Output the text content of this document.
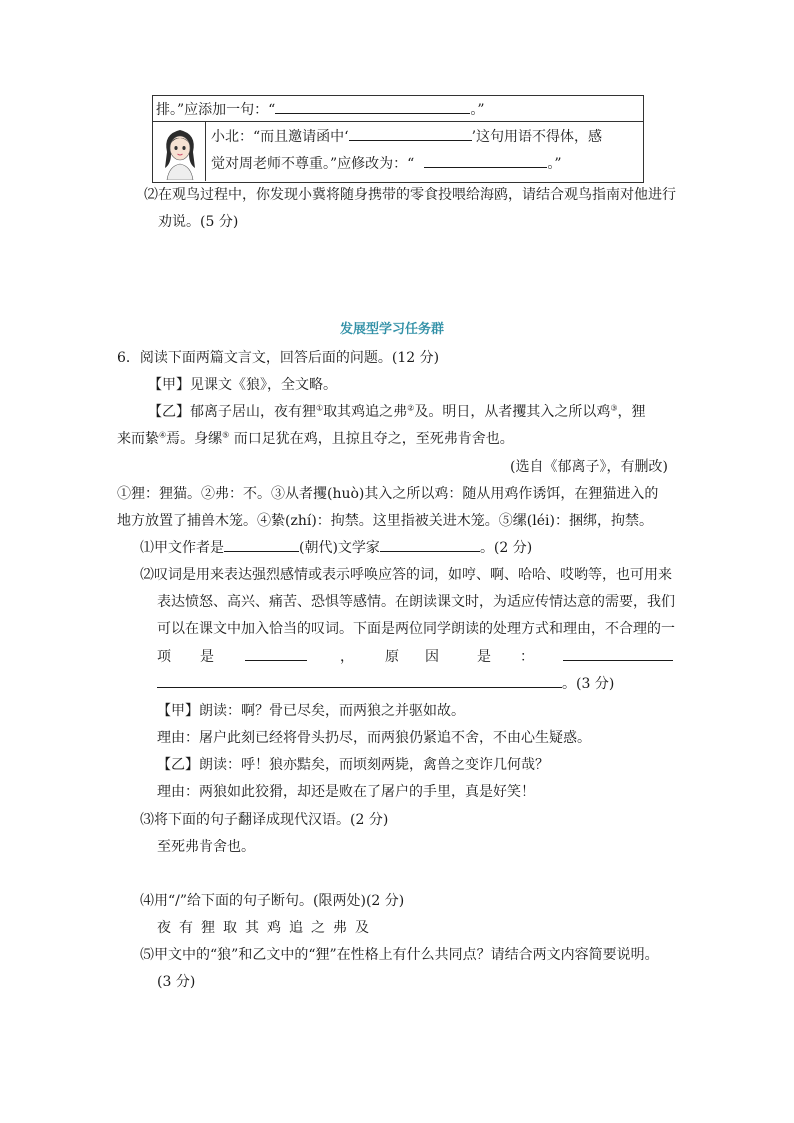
排。”应添加一句：“	。”
小北：“而且邀请函中‘	’这句用语不得体，感
觉对周老师不尊重。”应修改为：“	。”
⑵在观鸟过程中，你发现小冀将随身携带的零食投喂给海鸥，请结合观鸟指南对他进行
劝说。(5 分)
发展型学习任务群
6．阅读下面两篇文言文，回答后面的问题。(12 分)
【甲】见课文《狼》，全文略。
【乙】郁离子居山，夜有狸①取其鸡追之弗②及。明日，从者攫其入之所以鸡③，狸
来而絷④焉。身缧⑤ 而口足犹在鸡，且掠且夺之，至死弗肯舍也。
(选自《郁离子》，有删改)
①狸：狸猫。②弗：不。③从者攫(huò)其入之所以鸡：随从用鸡作诱饵，在狸猫进入的
地方放置了捕兽木笼。④絷(zhí)：拘禁。这里指被关进木笼。⑤缧(léi)：捆绑，拘禁。
⑴甲文作者是	(朝代)文学家	。(2 分)
⑵叹词是用来表达强烈感情或表示呼唤应答的词，如哼、啊、哈哈、哎哟等，也可用来
表达愤怒、高兴、痛苦、恐惧等感情。在朗读课文时，为适应传情达意的需要，我们
可以在课文中加入恰当的叹词。下面是两位同学朗读的处理方式和理由，不合理的一
项 是	， 原 因	是 ：
。(3 分)
【甲】朗读：啊？骨已尽矣，而两狼之并驱如故。
理由：屠户此刻已经将骨头扔尽，而两狼仍紧追不舍，不由心生疑惑。
【乙】朗读：呼！狼亦黠矣，而顷刻两毙，禽兽之变诈几何哉？
理由：两狼如此狡猾，却还是败在了屠户的手里，真是好笑！
⑶将下面的句子翻译成现代汉语。(2 分)
至死弗肯舍也。
⑷用“/”给下面的句子断句。(限两处)(2 分)
夜有狸取其鸡追之弗及
⑸甲文中的“狼”和乙文中的“狸”在性格上有什么共同点？请结合两文内容简要说明。
(3 分)
